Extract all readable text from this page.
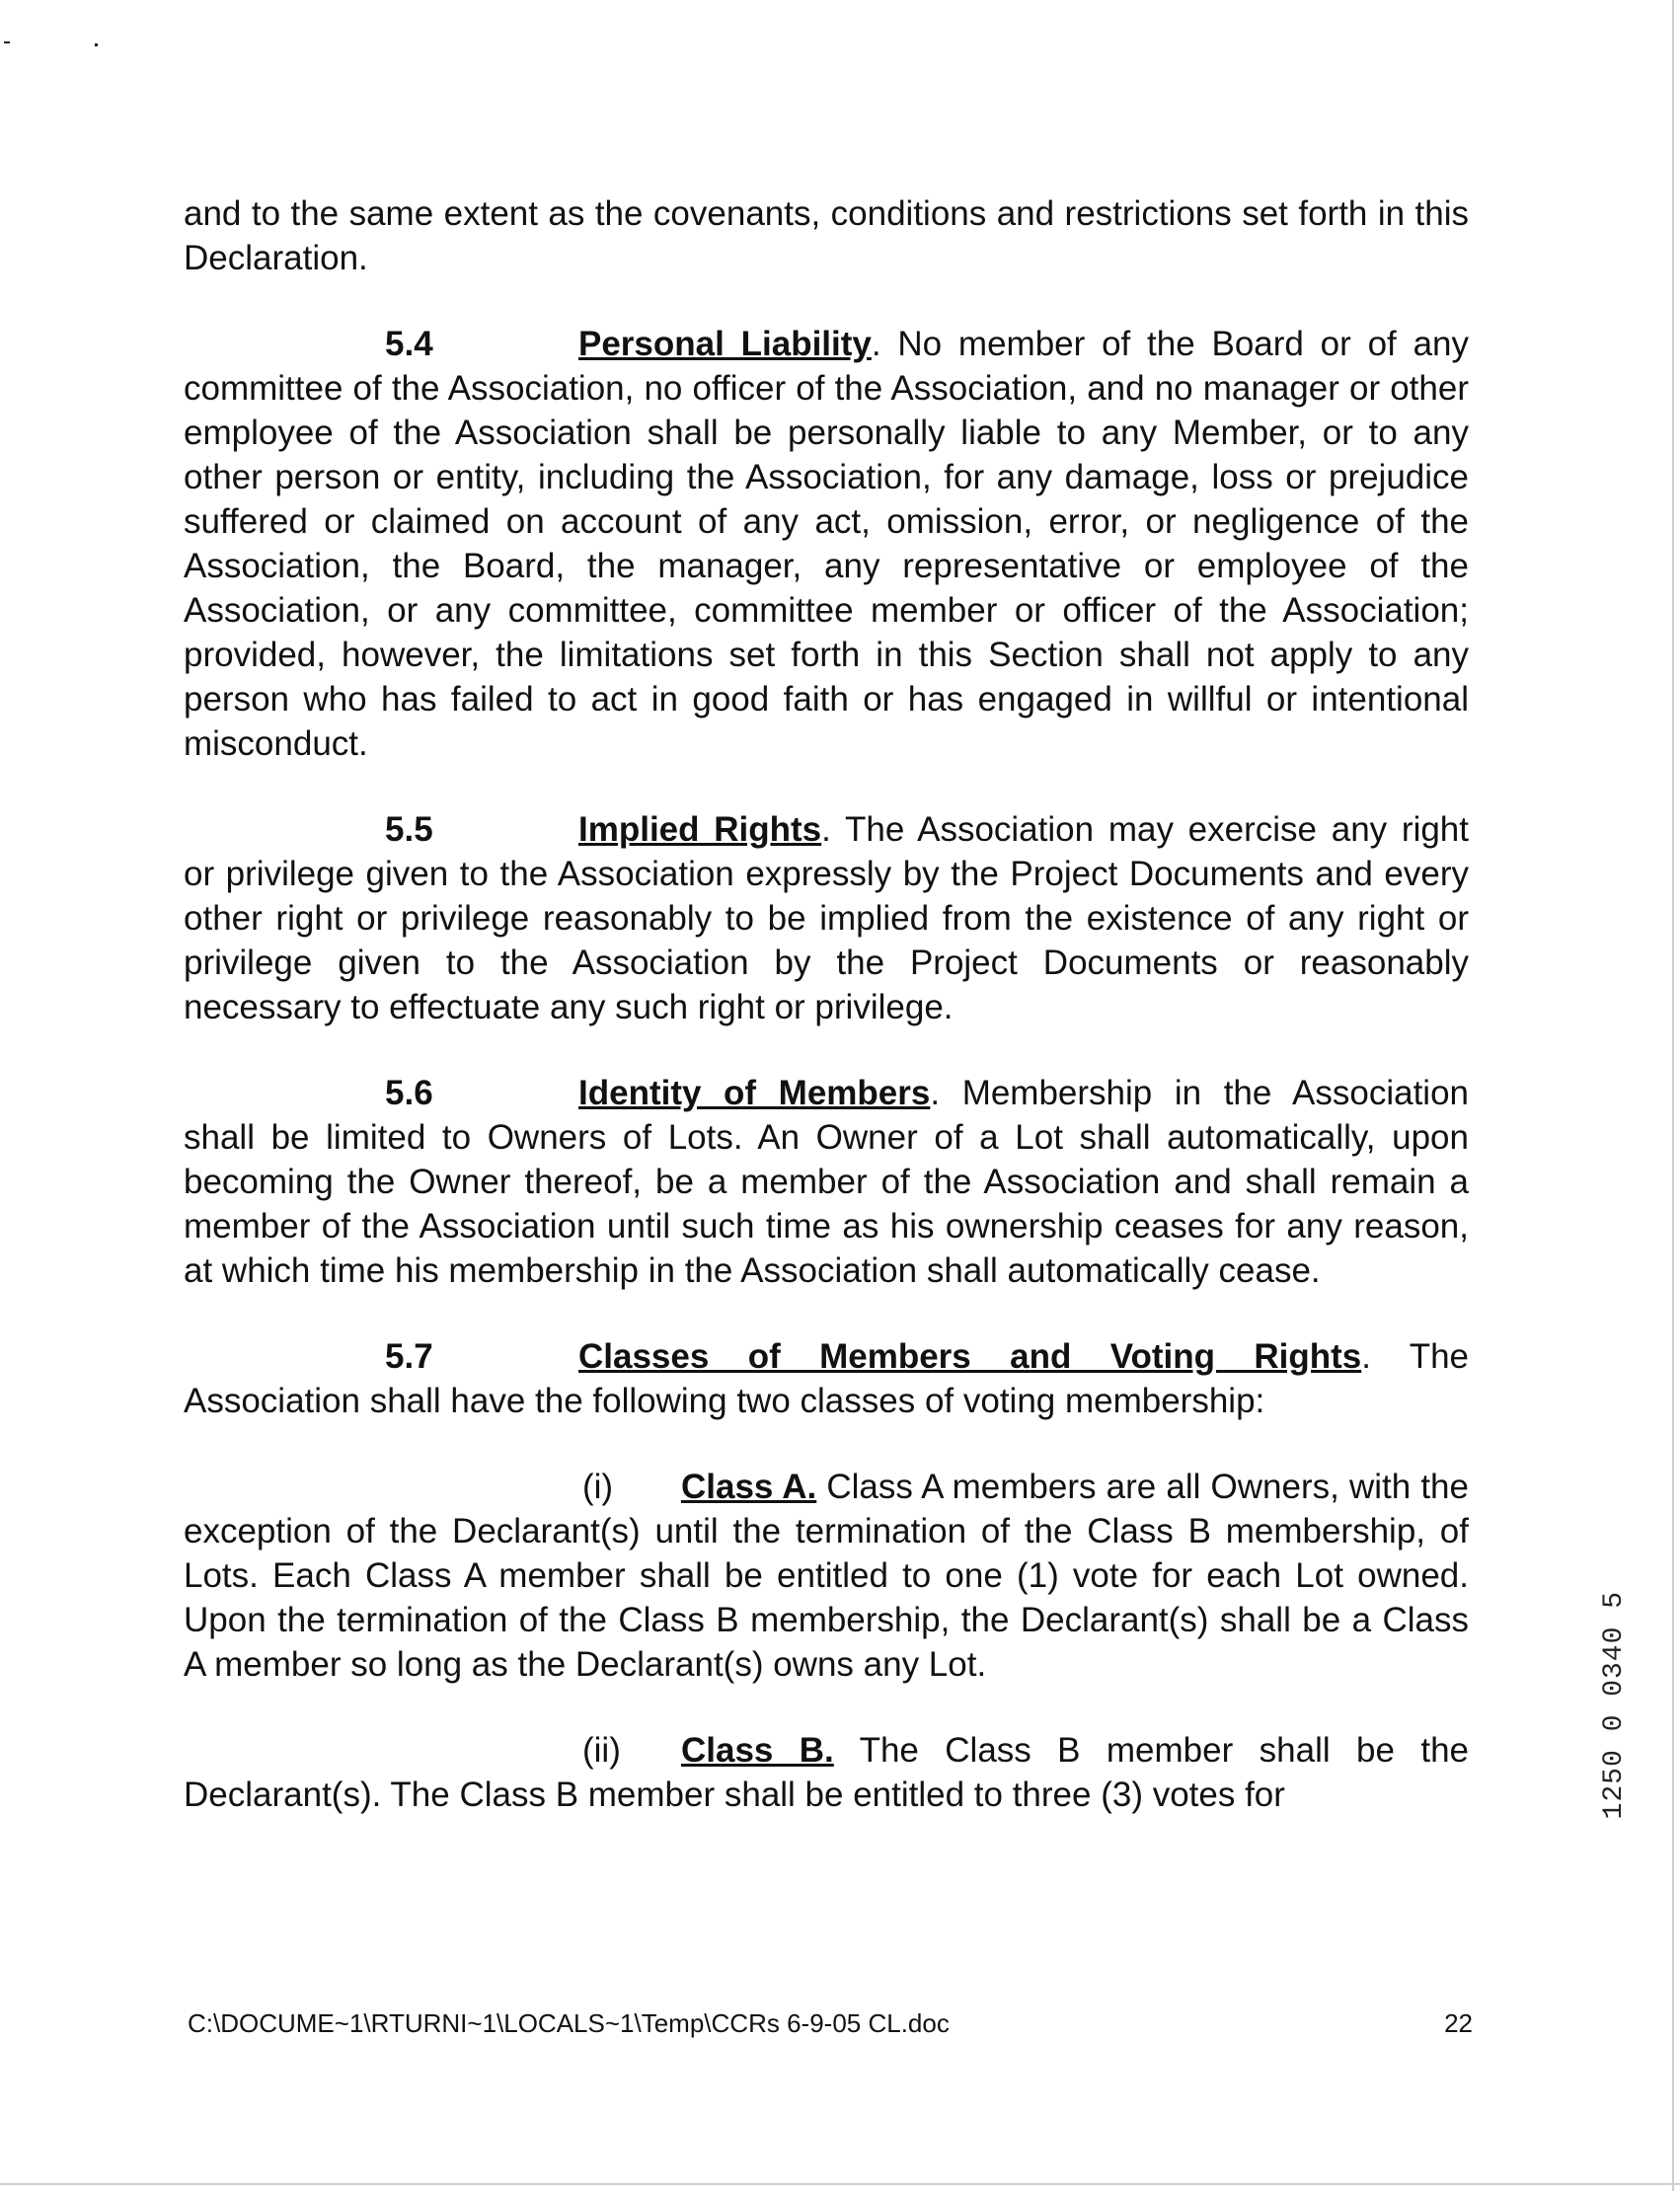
and to the same extent as the covenants, conditions and restrictions set forth in this Declaration.

5.4	Personal Liability. No member of the Board or of any committee of the Association, no officer of the Association, and no manager or other employee of the Association shall be personally liable to any Member, or to any other person or entity, including the Association, for any damage, loss or prejudice suffered or claimed on account of any act, omission, error, or negligence of the Association, the Board, the manager, any representative or employee of the Association, or any committee, committee member or officer of the Association; provided, however, the limitations set forth in this Section shall not apply to any person who has failed to act in good faith or has engaged in willful or intentional misconduct.

5.5	Implied Rights. The Association may exercise any right or privilege given to the Association expressly by the Project Documents and every other right or privilege reasonably to be implied from the existence of any right or privilege given to the Association by the Project Documents or reasonably necessary to effectuate any such right or privilege.

5.6	Identity of Members. Membership in the Association shall be limited to Owners of Lots. An Owner of a Lot shall automatically, upon becoming the Owner thereof, be a member of the Association and shall remain a member of the Association until such time as his ownership ceases for any reason, at which time his membership in the Association shall automatically cease.

5.7	Classes of Members and Voting Rights. The Association shall have the following two classes of voting membership:

(i) Class A. Class A members are all Owners, with the exception of the Declarant(s) until the termination of the Class B membership, of Lots. Each Class A member shall be entitled to one (1) vote for each Lot owned. Upon the termination of the Class B membership, the Declarant(s) shall be a Class A member so long as the Declarant(s) owns any Lot.

(ii) Class B. The Class B member shall be the Declarant(s). The Class B member shall be entitled to three (3) votes for	1250 0 0340 5
C:\DOCUME~1\RTURNI~1\LOCALS~1\Temp\CCRs 6-9-05 CL.doc	22
